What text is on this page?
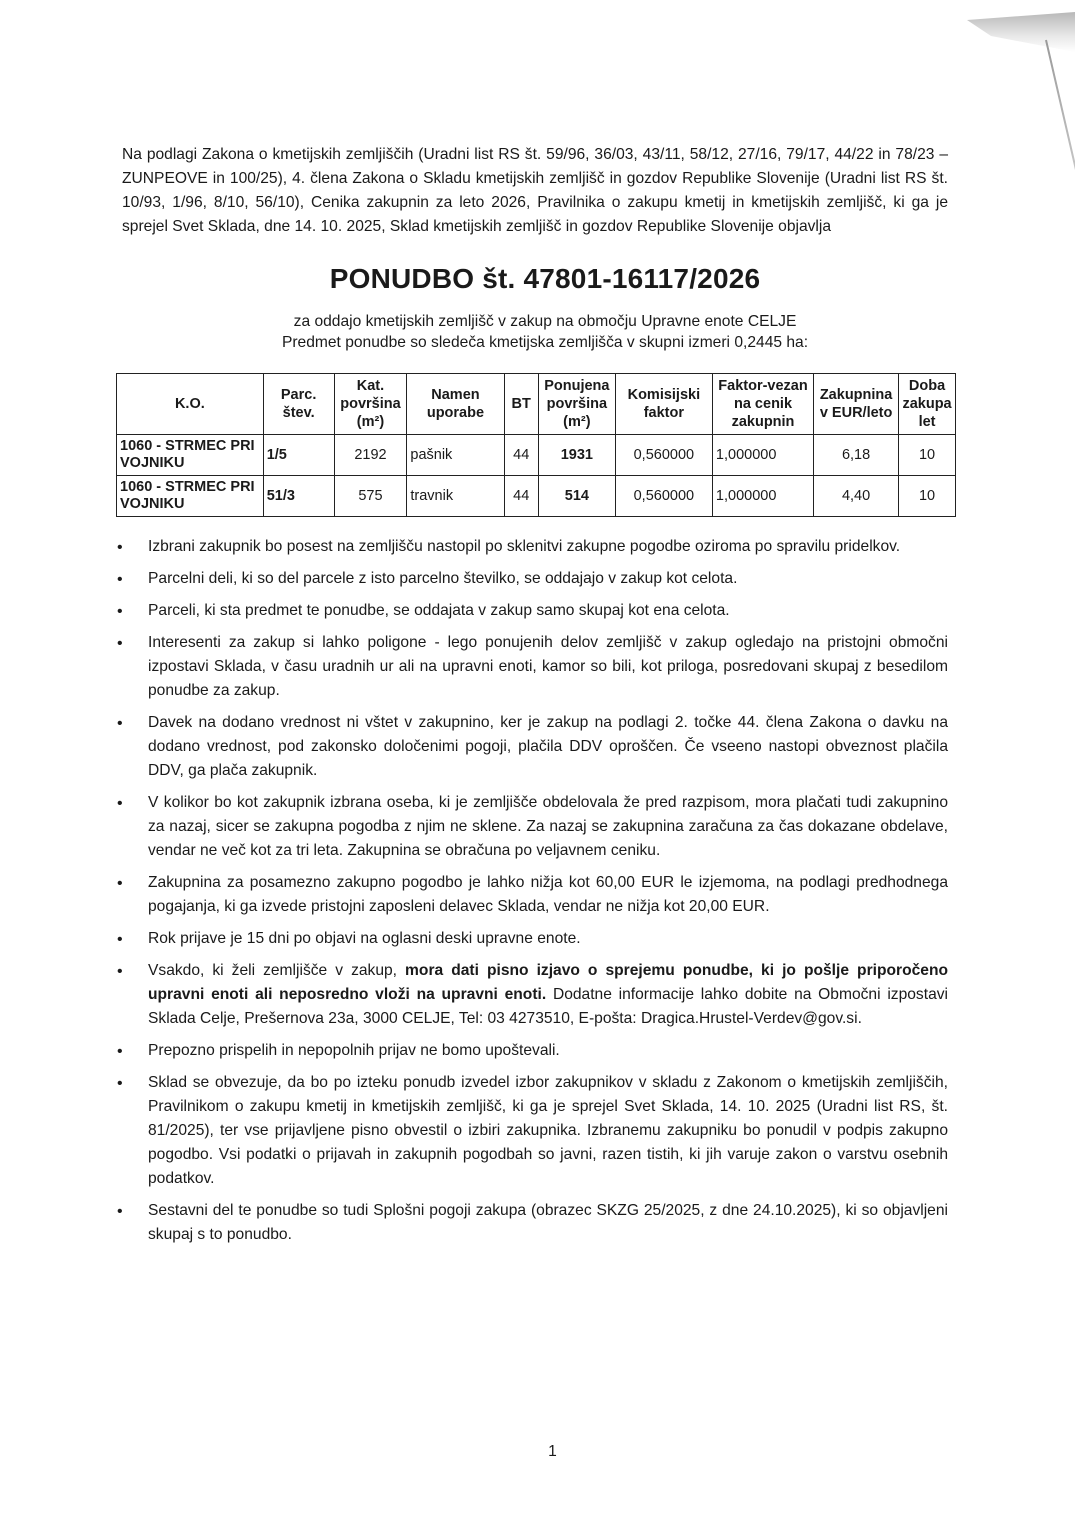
Na podlagi Zakona o kmetijskih zemljiščih (Uradni list RS št. 59/96, 36/03, 43/11, 58/12, 27/16, 79/17, 44/22 in 78/23 – ZUNPEOVE in 100/25), 4. člena Zakona o Skladu kmetijskih zemljišč in gozdov Republike Slovenije (Uradni list RS št. 10/93, 1/96, 8/10, 56/10), Cenika zakupnin za leto 2026, Pravilnika o zakupu kmetij in kmetijskih zemljišč, ki ga je sprejel Svet Sklada, dne 14. 10. 2025, Sklad kmetijskih zemljišč in gozdov Republike Slovenije objavlja

PONUDBO št. 47801-16117/2026

za oddajo kmetijskih zemljišč v zakup na območju Upravne enote CELJE

Predmet ponudbe so sledeča kmetijska zemljišča v skupni izmeri 0,2445 ha:

K.O.	Parc. štev.	Kat. površina (m²)	Namen uporabe	BT	Ponujena površina (m²)	Komisijski faktor	Faktor-vezan na cenik zakupnin	Zakupnina v EUR/leto	Doba zakupa let
1060 - STRMEC PRI VOJNIKU	1/5	2192	pašnik	44	1931	0,560000	1,000000	6,18	10
1060 - STRMEC PRI VOJNIKU	51/3	575	travnik	44	514	0,560000	1,000000	4,40	10
• Izbrani zakupnik bo posest na zemljišču nastopil po sklenitvi zakupne pogodbe oziroma po spravilu pridelkov.
• Parcelni deli, ki so del parcele z isto parcelno številko, se oddajajo v zakup kot celota.
• Parceli, ki sta predmet te ponudbe, se oddajata v zakup samo skupaj kot ena celota.
• Interesenti za zakup si lahko poligone - lego ponujenih delov zemljišč v zakup ogledajo na pristojni območni izpostavi Sklada, v času uradnih ur ali na upravni enoti, kamor so bili, kot priloga, posredovani skupaj z besedilom ponudbe za zakup.
• Davek na dodano vrednost ni vštet v zakupnino, ker je zakup na podlagi 2. točke 44. člena Zakona o davku na dodano vrednost, pod zakonsko določenimi pogoji, plačila DDV oproščen. Če vseeno nastopi obveznost plačila DDV, ga plača zakupnik.
• V kolikor bo kot zakupnik izbrana oseba, ki je zemljišče obdelovala že pred razpisom, mora plačati tudi zakupnino za nazaj, sicer se zakupna pogodba z njim ne sklene. Za nazaj se zakupnina zaračuna za čas dokazane obdelave, vendar ne več kot za tri leta. Zakupnina se obračuna po veljavnem ceniku.
• Zakupnina za posamezno zakupno pogodbo je lahko nižja kot 60,00 EUR le izjemoma, na podlagi predhodnega pogajanja, ki ga izvede pristojni zaposleni delavec Sklada, vendar ne nižja kot 20,00 EUR.
• Rok prijave je 15 dni po objavi na oglasni deski upravne enote.
• Vsakdo, ki želi zemljišče v zakup, mora dati pisno izjavo o sprejemu ponudbe, ki jo pošlje priporočeno upravni enoti ali neposredno vloži na upravni enoti. Dodatne informacije lahko dobite na Območni izpostavi Sklada Celje, Prešernova 23a, 3000 CELJE, Tel: 03 4273510, E-pošta: Dragica.Hrustel-Verdev@gov.si.
• Prepozno prispelih in nepopolnih prijav ne bomo upoštevali.
• Sklad se obvezuje, da bo po izteku ponudb izvedel izbor zakupnikov v skladu z Zakonom o kmetijskih zemljiščih, Pravilnikom o zakupu kmetij in kmetijskih zemljišč, ki ga je sprejel Svet Sklada, 14. 10. 2025 (Uradni list RS, št. 81/2025), ter vse prijavljene pisno obvestil o izbiri zakupnika. Izbranemu zakupniku bo ponudil v podpis zakupno pogodbo. Vsi podatki o prijavah in zakupnih pogodbah so javni, razen tistih, ki jih varuje zakon o varstvu osebnih podatkov.
• Sestavni del te ponudbe so tudi Splošni pogoji zakupa (obrazec SKZG 25/2025, z dne 24.10.2025), ki so objavljeni skupaj s to ponudbo.
1
